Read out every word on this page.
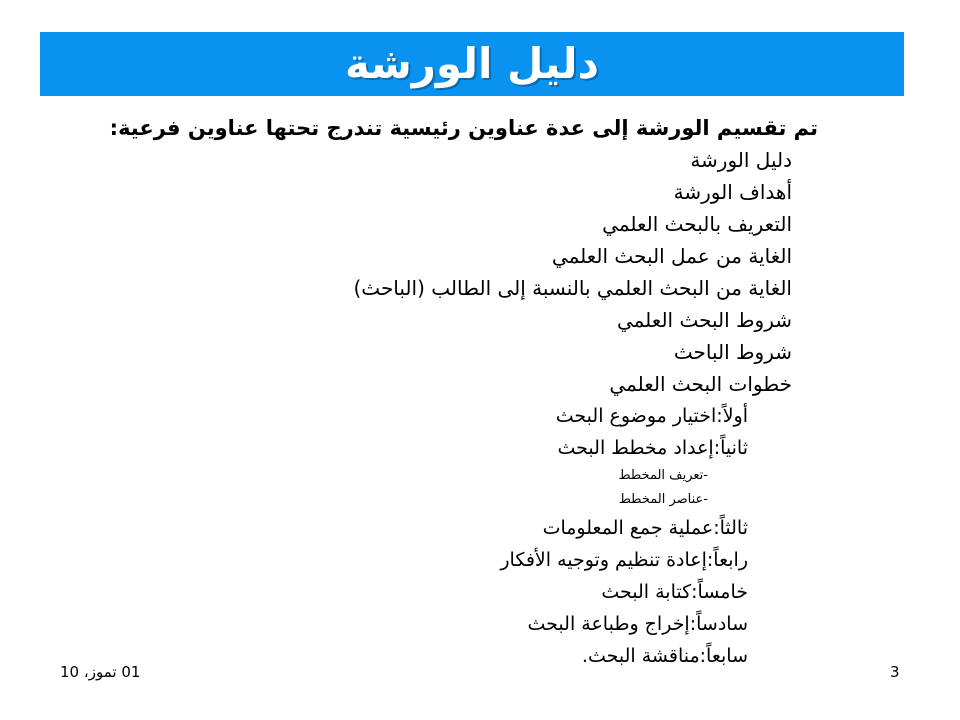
دليل الورشة
تم تقسيم الورشة إلى عدة عناوين رئيسية تندرج تحتها عناوين فرعية:
دليل الورشة
أهداف الورشة
التعريف بالبحث العلمي
الغاية من عمل البحث العلمي
الغاية من البحث العلمي بالنسبة إلى الطالب (الباحث)
شروط البحث العلمي
شروط الباحث
خطوات البحث العلمي
أولاً:اختيار موضوع البحث
ثانياً:إعداد مخطط البحث
-تعريف المخطط
-عناصر المخطط
ثالثاً:عملية جمع المعلومات
رابعاً:إعادة تنظيم وتوجيه الأفكار
خامساً:كتابة البحث
سادساً:إخراج وطباعة البحث
سابعاً:مناقشة البحث.
01 تموز، 10	3
